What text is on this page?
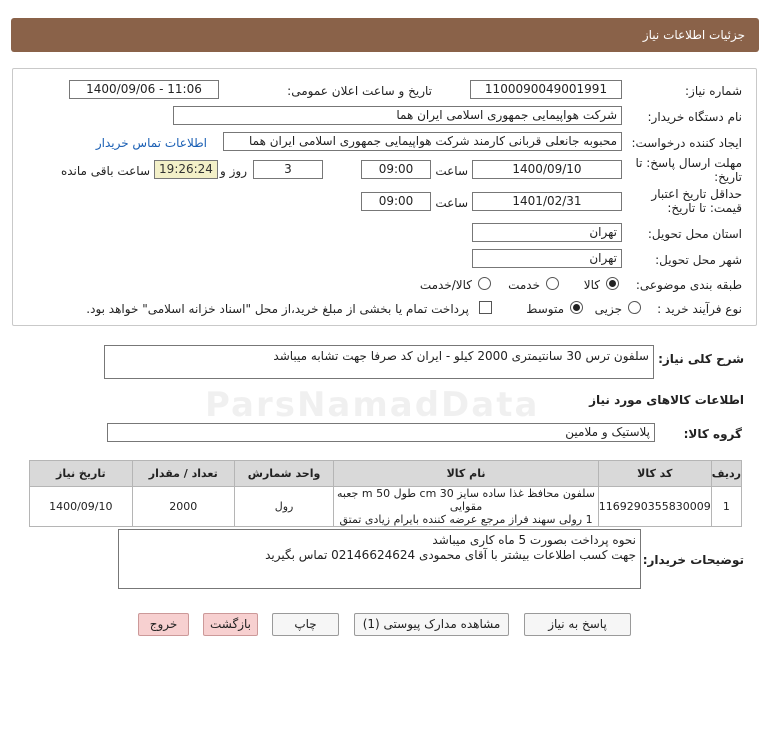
جزئیات اطلاعات نیاز
شماره نیاز:
1100090049001991
تاریخ و ساعت اعلان عمومی:
1400/09/06 - 11:06
نام دستگاه خریدار:
شرکت هواپیمایی جمهوری اسلامی ایران هما
ایجاد کننده درخواست:
محبوبه جانعلی قربانی کارمند شرکت هواپیمایی جمهوری اسلامی ایران هما
اطلاعات تماس خریدار
مهلت ارسال پاسخ: تا
تاریخ:
1400/09/10
ساعت
09:00
3
روز و
19:26:24
ساعت باقی مانده
حداقل تاریخ اعتبار
قیمت: تا تاریخ:
1401/02/31
ساعت
09:00
استان محل تحویل:
تهران
شهر محل تحویل:
تهران
طبقه بندی موضوعی:
کالا
خدمت
کالا/خدمت
نوع فرآیند خرید :
جزیی
متوسط
پرداخت تمام یا بخشی از مبلغ خرید،از محل "اسناد خزانه اسلامی" خواهد بود.
شرح کلی نیاز:
سلفون ترس 30 سانتیمتری 2000 کیلو - ایران کد صرفا جهت تشابه میباشد
اطلاعات کالاهای مورد نیاز
گروه کالا:
پلاستیک و ملامین
ParsNamadData
ردیف	کد کالا	نام کالا	واحد شمارش	تعداد / مقدار	تاریخ نیاز
1	1169290355830009	سلفون محافظ غذا ساده سایز 30 cm طول 50 m جعبه مقوایی
1 رولی سهند فراز مرجع عرضه کننده بایرام زیادی تمتق	رول	2000	1400/09/10
توضیحات خریدار:
نحوه پرداخت بصورت 5 ماه کاری میباشد
جهت کسب اطلاعات بیشتر با آقای محمودی 02146624624 تماس بگیرید
پاسخ به نیاز
مشاهده مدارک پیوستی (1)
چاپ
بازگشت
خروج
